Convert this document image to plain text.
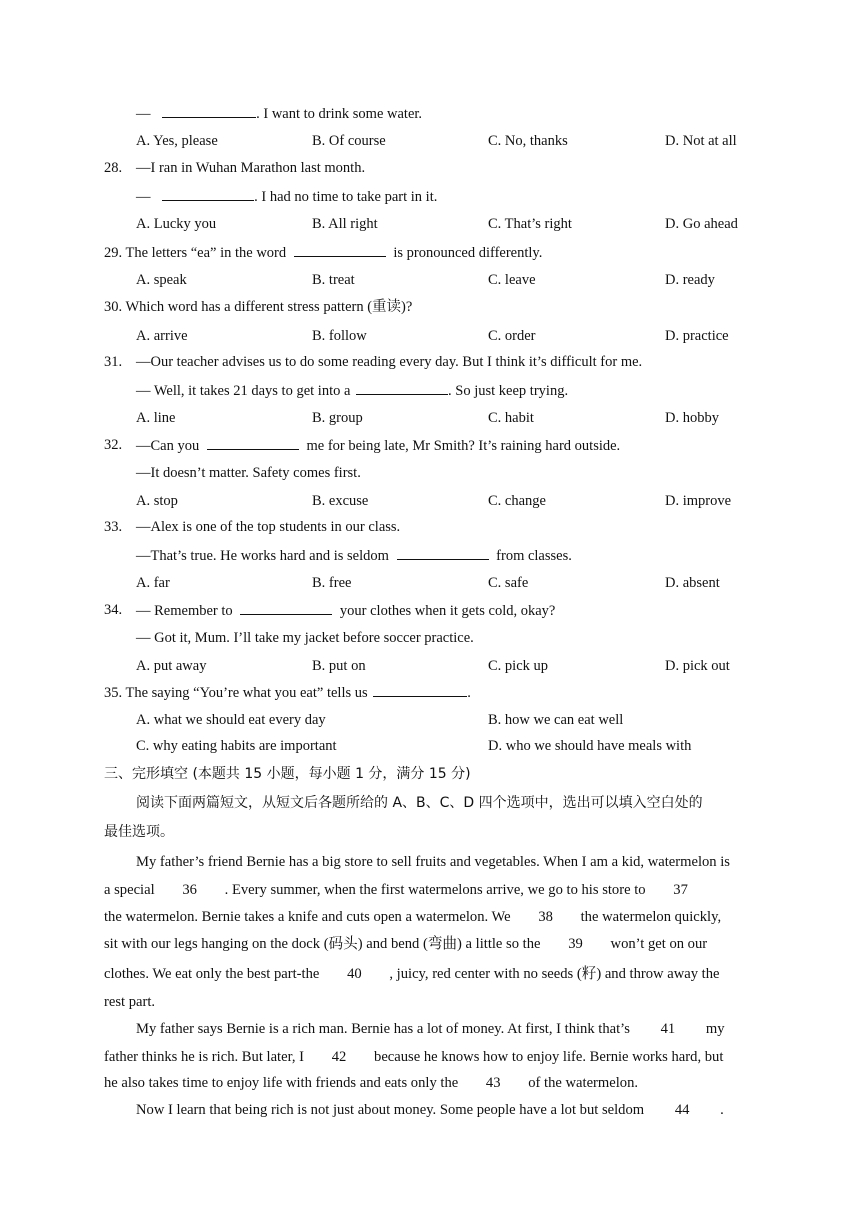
—	. I want to drink some water.
A. Yes, please	B. Of course	C. No, thanks	D. Not at all
28. —I ran in Wuhan Marathon last month.
—	. I had no time to take part in it.
A. Lucky you	B. All right	C. That’s right	D. Go ahead
29. The letters “ea” in the word	is pronounced differently.
A. speak	B. treat	C. leave	D. ready
30. Which word has a different stress pattern (重读)?
A. arrive	B. follow	C. order	D. practice
31. —Our teacher advises us to do some reading every day. But I think it’s difficult for me.
— Well, it takes 21 days to get into a	. So just keep trying.
A. line	B. group	C. habit	D. hobby
32. —Can you	me for being late, Mr Smith? It’s raining hard outside.
—It doesn’t matter. Safety comes first.
A. stop	B. excuse	C. change	D. improve
33. —Alex is one of the top students in our class.
—That’s true. He works hard and is seldom	from classes.
A. far	B. free	C. safe	D. absent
34. — Remember to	your clothes when it gets cold, okay?
— Got it, Mum. I’ll take my jacket before soccer practice.
A. put away	B. put on	C. pick up	D. pick out
35. The saying “You’re what you eat” tells us	.
A. what we should eat every day	B. how we can eat well
C. why eating habits are important	D. who we should have meals with
三、完形填空 (本题共 15 小题，每小题 1 分，满分 15 分)
阅读下面两篇短文，从短文后各题所给的 A、B、C、D 四个选项中，选出可以填入空白处的
最佳选项。
My father’s friend Bernie has a big store to sell fruits and vegetables. When I am a kid, watermelon is
a special 36 . Every summer, when the first watermelons arrive, we go to his store to 37
the watermelon. Bernie takes a knife and cuts open a watermelon. We 38 the watermelon quickly,
sit with our legs hanging on the dock (码头) and bend (弯曲) a little so the 39 won’t get on our
clothes. We eat only the best part-the 40 , juicy, red center with no seeds (籽) and throw away the
rest part.
My father says Bernie is a rich man. Bernie has a lot of money. At first, I think that’s 41 my
father thinks he is rich. But later, I 42 because he knows how to enjoy life. Bernie works hard, but
he also takes time to enjoy life with friends and eats only the 43 of the watermelon.
Now I learn that being rich is not just about money. Some people have a lot but seldom 44 .
